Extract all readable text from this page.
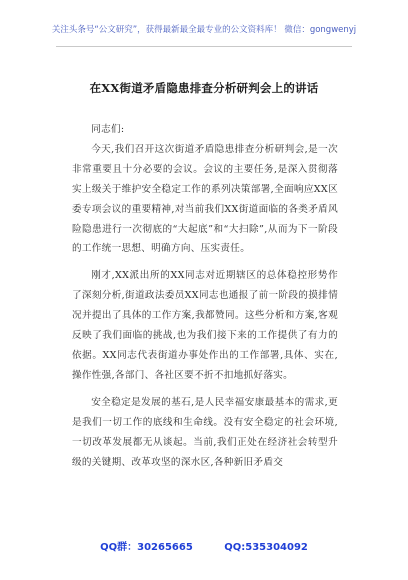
关注头条号“公文研究”，获得最新最全最专业的公文资料库！ 微信：gongwenyj
在XX街道矛盾隐患排查分析研判会上的讲话

同志们:

今天,我们召开这次街道矛盾隐患排查分析研判会,是一次非常重要且十分必要的会议。会议的主要任务,是深入贯彻落实上级关于维护安全稳定工作的系列决策部署,全面响应XX区委专项会议的重要精神,对当前我们XX街道面临的各类矛盾风险隐患进行一次彻底的“大起底”和“大扫除”,从而为下一阶段的工作统一思想、明确方向、压实责任。

刚才,XX派出所的XX同志对近期辖区的总体稳控形势作了深刻分析,街道政法委员XX同志也通报了前一阶段的摸排情况并提出了具体的工作方案,我都赞同。这些分析和方案,客观反映了我们面临的挑战,也为我们接下来的工作提供了有力的依据。XX同志代表街道办事处作出的工作部署,具体、实在,操作性强,各部门、各社区要不折不扣地抓好落实。

安全稳定是发展的基石,是人民幸福安康最基本的需求,更是我们一切工作的底线和生命线。没有安全稳定的社会环境,一切改革发展都无从谈起。当前,我们正处在经济社会转型升级的关键期、改革攻坚的深水区,各种新旧矛盾交

QQ群：30265665	QQ:535304092
